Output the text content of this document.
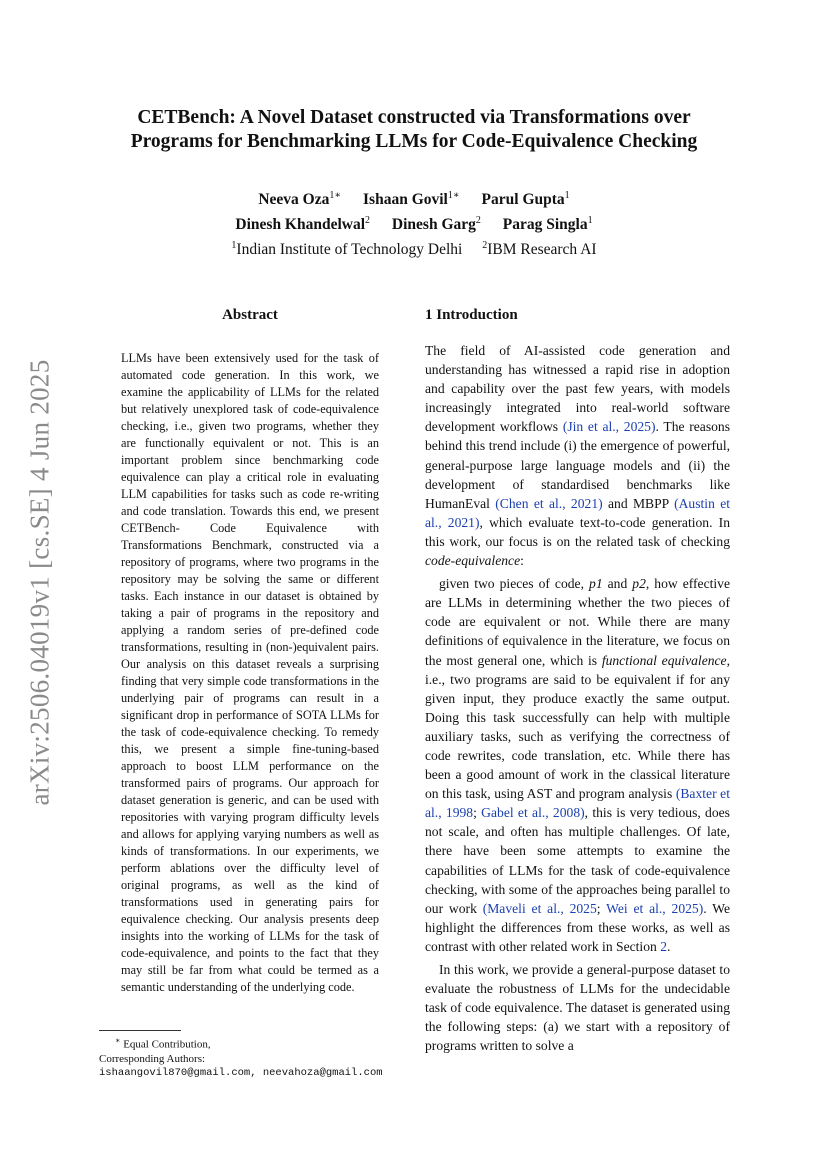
arXiv:2506.04019v1 [cs.SE] 4 Jun 2025
CETBench: A Novel Dataset constructed via Transformations over
Programs for Benchmarking LLMs for Code-Equivalence Checking
Neeva Oza$^{1∗}$ Ishaan Govil$^{1∗}$ Parul Gupta$^1$
Dinesh Khandelwal$^2$ Dinesh Garg$^2$ Parag Singla$^1$
$^1$Indian Institute of Technology Delhi $^2$IBM Research AI
Abstract
LLMs have been extensively used for the task of automated code generation. In this work, we examine the applicability of LLMs for the related but relatively unexplored task of code-equivalence checking, i.e., given two programs, whether they are functionally equivalent or not. This is an important problem since benchmarking code equivalence can play a critical role in evaluating LLM capabilities for tasks such as code re-writing and code translation. Towards this end, we present CETBench- Code Equivalence with Transformations Benchmark, constructed via a repository of programs, where two programs in the repository may be solving the same or different tasks. Each instance in our dataset is obtained by taking a pair of programs in the repository and applying a random series of pre-defined code transformations, resulting in (non-)equivalent pairs. Our analysis on this dataset reveals a surprising finding that very simple code transformations in the underlying pair of programs can result in a significant drop in performance of SOTA LLMs for the task of code-equivalence checking. To remedy this, we present a simple fine-tuning-based approach to boost LLM performance on the transformed pairs of programs. Our approach for dataset generation is generic, and can be used with repositories with varying program difficulty levels and allows for applying varying numbers as well as kinds of transformations. In our experiments, we perform ablations over the difficulty level of original programs, as well as the kind of transformations used in generating pairs for equivalence checking. Our analysis presents deep insights into the working of LLMs for the task of code-equivalence, and points to the fact that they may still be far from what could be termed as a semantic understanding of the underlying code.
1 Introduction

The field of AI-assisted code generation and understanding has witnessed a rapid rise in adoption and capability over the past few years, with models increasingly integrated into real-world software development workflows (Jin et al., 2025). The reasons behind this trend include (i) the emergence of powerful, general-purpose large language models and (ii) the development of standardised benchmarks like HumanEval (Chen et al., 2021) and MBPP (Austin et al., 2021), which evaluate text-to-code generation. In this work, our focus is on the related task of checking code-equivalence:

given two pieces of code, p1 and p2, how effective are LLMs in determining whether the two pieces of code are equivalent or not. While there are many definitions of equivalence in the literature, we focus on the most general one, which is functional equivalence, i.e., two programs are said to be equivalent if for any given input, they produce exactly the same output. Doing this task successfully can help with multiple auxiliary tasks, such as verifying the correctness of code rewrites, code translation, etc. While there has been a good amount of work in the classical literature on this task, using AST and program analysis (Baxter et al., 1998; Gabel et al., 2008), this is very tedious, does not scale, and often has multiple challenges. Of late, there have been some attempts to examine the capabilities of LLMs for the task of code-equivalence checking, with some of the approaches being parallel to our work (Maveli et al., 2025; Wei et al., 2025). We highlight the differences from these works, as well as contrast with other related work in Section 2.

In this work, we provide a general-purpose dataset to evaluate the robustness of LLMs for the undecidable task of code equivalence. The dataset is generated using the following steps: (a) we start with a repository of programs written to solve a

∗ Equal Contribution,
Corresponding Authors:
ishaangovil870@gmail.com, neevahoza@gmail.com
